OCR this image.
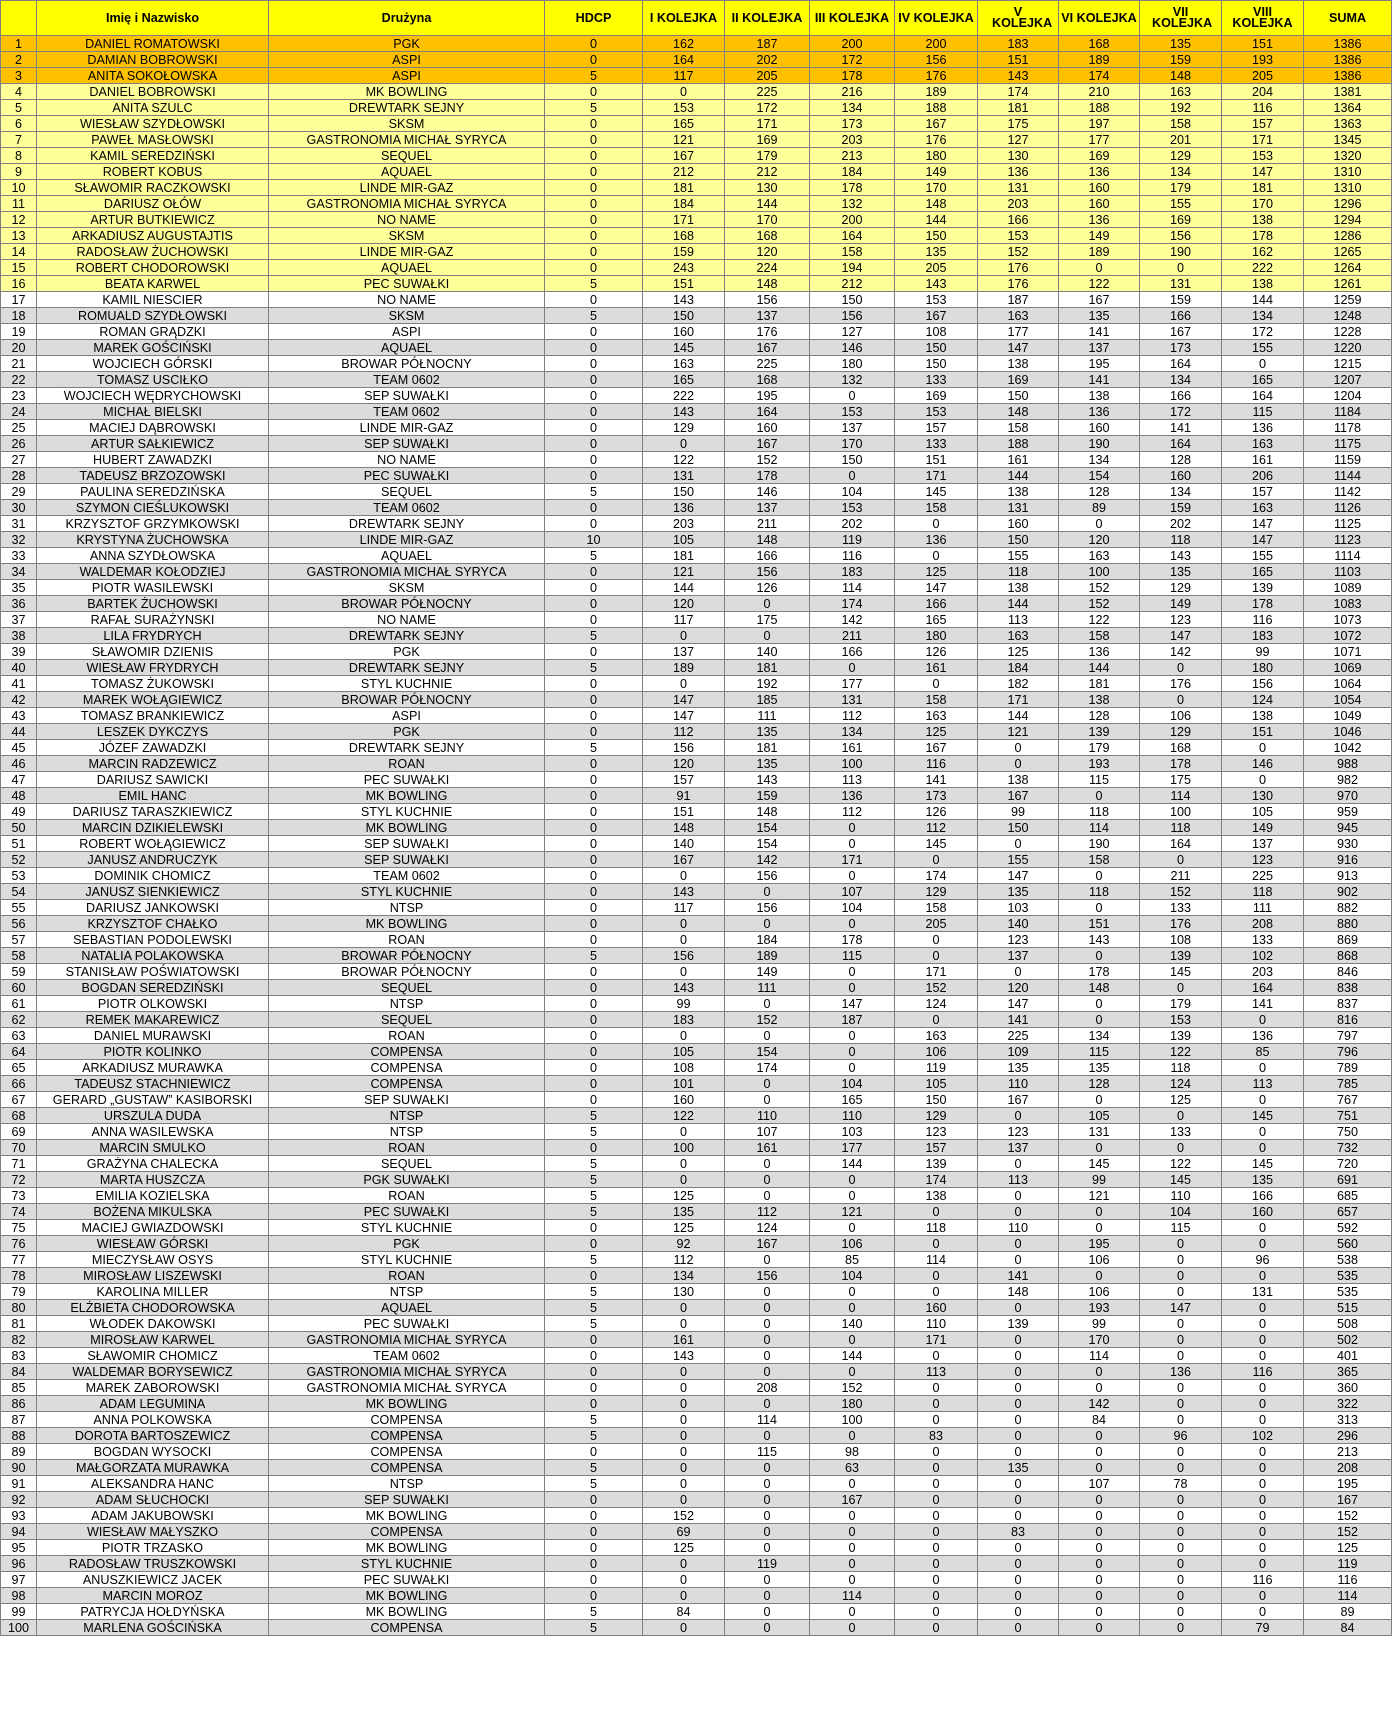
	Imię i Nazwisko	Drużyna	HDCP	I KOLEJKA	II KOLEJKA	III KOLEJKA	IV KOLEJKA	V KOLEJKA	VI KOLEJKA	VII KOLEJKA	VIII KOLEJKA	SUMA
1	DANIEL ROMATOWSKI	PGK	0	162	187	200	200	183	168	135	151	1386
2	DAMIAN BOBROWSKI	ASPI	0	164	202	172	156	151	189	159	193	1386
3	ANITA SOKOŁOWSKA	ASPI	5	117	205	178	176	143	174	148	205	1386
4	DANIEL BOBROWSKI	MK BOWLING	0	0	225	216	189	174	210	163	204	1381
5	ANITA SZULC	DREWTARK SEJNY	5	153	172	134	188	181	188	192	116	1364
6	WIESŁAW SZYDŁOWSKI	SKSM	0	165	171	173	167	175	197	158	157	1363
7	PAWEŁ MASŁOWSKI	GASTRONOMIA MICHAŁ SYRYCA	0	121	169	203	176	127	177	201	171	1345
8	KAMIL SEREDZIŃSKI	SEQUEL	0	167	179	213	180	130	169	129	153	1320
9	ROBERT KOBUS	AQUAEL	0	212	212	184	149	136	136	134	147	1310
10	SŁAWOMIR RACZKOWSKI	LINDE MIR-GAZ	0	181	130	178	170	131	160	179	181	1310
11	DARIUSZ OŁÓW	GASTRONOMIA MICHAŁ SYRYCA	0	184	144	132	148	203	160	155	170	1296
12	ARTUR BUTKIEWICZ	NO NAME	0	171	170	200	144	166	136	169	138	1294
13	ARKADIUSZ AUGUSTAJTIS	SKSM	0	168	168	164	150	153	149	156	178	1286
14	RADOSŁAW ŻUCHOWSKI	LINDE MIR-GAZ	0	159	120	158	135	152	189	190	162	1265
15	ROBERT CHODOROWSKI	AQUAEL	0	243	224	194	205	176	0	0	222	1264
16	BEATA KARWEL	PEC SUWAŁKI	5	151	148	212	143	176	122	131	138	1261
17	KAMIL NIESCIER	NO NAME	0	143	156	150	153	187	167	159	144	1259
18	ROMUALD SZYDŁOWSKI	SKSM	5	150	137	156	167	163	135	166	134	1248
19	ROMAN GRĄDZKI	ASPI	0	160	176	127	108	177	141	167	172	1228
20	MAREK GOŚCIŃSKI	AQUAEL	0	145	167	146	150	147	137	173	155	1220
21	WOJCIECH GÓRSKI	BROWAR PÓŁNOCNY	0	163	225	180	150	138	195	164	0	1215
22	TOMASZ USCIŁKO	TEAM 0602	0	165	168	132	133	169	141	134	165	1207
23	WOJCIECH WĘDRYCHOWSKI	SEP SUWAŁKI	0	222	195	0	169	150	138	166	164	1204
24	MICHAŁ BIELSKI	TEAM 0602	0	143	164	153	153	148	136	172	115	1184
25	MACIEJ DĄBROWSKI	LINDE MIR-GAZ	0	129	160	137	157	158	160	141	136	1178
26	ARTUR SAŁKIEWICZ	SEP SUWAŁKI	0	0	167	170	133	188	190	164	163	1175
27	HUBERT ZAWADZKI	NO NAME	0	122	152	150	151	161	134	128	161	1159
28	TADEUSZ BRZOZOWSKI	PEC SUWAŁKI	0	131	178	0	171	144	154	160	206	1144
29	PAULINA SEREDZIŃSKA	SEQUEL	5	150	146	104	145	138	128	134	157	1142
30	SZYMON CIEŚLUKOWSKI	TEAM 0602	0	136	137	153	158	131	89	159	163	1126
31	KRZYSZTOF GRZYMKOWSKI	DREWTARK SEJNY	0	203	211	202	0	160	0	202	147	1125
32	KRYSTYNA ŻUCHOWSKA	LINDE MIR-GAZ	10	105	148	119	136	150	120	118	147	1123
33	ANNA SZYDŁOWSKA	AQUAEL	5	181	166	116	0	155	163	143	155	1114
34	WALDEMAR KOŁODZIEJ	GASTRONOMIA MICHAŁ SYRYCA	0	121	156	183	125	118	100	135	165	1103
35	PIOTR WASILEWSKI	SKSM	0	144	126	114	147	138	152	129	139	1089
36	BARTEK ŻUCHOWSKI	BROWAR PÓŁNOCNY	0	120	0	174	166	144	152	149	178	1083
37	RAFAŁ SURAŻYNSKI	NO NAME	0	117	175	142	165	113	122	123	116	1073
38	LILA FRYDRYCH	DREWTARK SEJNY	5	0	0	211	180	163	158	147	183	1072
39	SŁAWOMIR DZIENIS	PGK	0	137	140	166	126	125	136	142	99	1071
40	WIESŁAW FRYDRYCH	DREWTARK SEJNY	5	189	181	0	161	184	144	0	180	1069
41	TOMASZ ŻUKOWSKI	STYL KUCHNIE	0	0	192	177	0	182	181	176	156	1064
42	MAREK WOŁĄGIEWICZ	BROWAR PÓŁNOCNY	0	147	185	131	158	171	138	0	124	1054
43	TOMASZ BRANKIEWICZ	ASPI	0	147	111	112	163	144	128	106	138	1049
44	LESZEK DYKCZYS	PGK	0	112	135	134	125	121	139	129	151	1046
45	JÓZEF ZAWADZKI	DREWTARK SEJNY	5	156	181	161	167	0	179	168	0	1042
46	MARCIN RADZEWICZ	ROAN	0	120	135	100	116	0	193	178	146	988
47	DARIUSZ SAWICKI	PEC SUWAŁKI	0	157	143	113	141	138	115	175	0	982
48	EMIL HANC	MK BOWLING	0	91	159	136	173	167	0	114	130	970
49	DARIUSZ TARASZKIEWICZ	STYL KUCHNIE	0	151	148	112	126	99	118	100	105	959
50	MARCIN DZIKIELEWSKI	MK BOWLING	0	148	154	0	112	150	114	118	149	945
51	ROBERT WOŁĄGIEWICZ	SEP SUWAŁKI	0	140	154	0	145	0	190	164	137	930
52	JANUSZ ANDRUCZYK	SEP SUWAŁKI	0	167	142	171	0	155	158	0	123	916
53	DOMINIK CHOMICZ	TEAM 0602	0	0	156	0	174	147	0	211	225	913
54	JANUSZ SIENKIEWICZ	STYL KUCHNIE	0	143	0	107	129	135	118	152	118	902
55	DARIUSZ JANKOWSKI	NTSP	0	117	156	104	158	103	0	133	111	882
56	KRZYSZTOF CHAŁKO	MK BOWLING	0	0	0	0	205	140	151	176	208	880
57	SEBASTIAN PODOLEWSKI	ROAN	0	0	184	178	0	123	143	108	133	869
58	NATALIA POLAKOWSKA	BROWAR PÓŁNOCNY	5	156	189	115	0	137	0	139	102	868
59	STANISŁAW POŚWIATOWSKI	BROWAR PÓŁNOCNY	0	0	149	0	171	0	178	145	203	846
60	BOGDAN SEREDZIŃSKI	SEQUEL	0	143	111	0	152	120	148	0	164	838
61	PIOTR OLKOWSKI	NTSP	0	99	0	147	124	147	0	179	141	837
62	REMEK MAKAREWICZ	SEQUEL	0	183	152	187	0	141	0	153	0	816
63	DANIEL MURAWSKI	ROAN	0	0	0	0	163	225	134	139	136	797
64	PIOTR KOLINKO	COMPENSA	0	105	154	0	106	109	115	122	85	796
65	ARKADIUSZ MURAWKA	COMPENSA	0	108	174	0	119	135	135	118	0	789
66	TADEUSZ STACHNIEWICZ	COMPENSA	0	101	0	104	105	110	128	124	113	785
67	GERARD „GUSTAW” KASIBORSKI	SEP SUWAŁKI	0	160	0	165	150	167	0	125	0	767
68	URSZULA DUDA	NTSP	5	122	110	110	129	0	105	0	145	751
69	ANNA WASILEWSKA	NTSP	5	0	107	103	123	123	131	133	0	750
70	MARCIN SMULKO	ROAN	0	100	161	177	157	137	0	0	0	732
71	GRAŻYNA CHALECKA	SEQUEL	5	0	0	144	139	0	145	122	145	720
72	MARTA HUSZCZA	PGK SUWAŁKI	5	0	0	0	174	113	99	145	135	691
73	EMILIA KOZIELSKA	ROAN	5	125	0	0	138	0	121	110	166	685
74	BOŻENA MIKULSKA	PEC SUWAŁKI	5	135	112	121	0	0	0	104	160	657
75	MACIEJ GWIAZDOWSKI	STYL KUCHNIE	0	125	124	0	118	110	0	115	0	592
76	WIESŁAW GÓRSKI	PGK	0	92	167	106	0	0	195	0	0	560
77	MIECZYSŁAW OSYS	STYL KUCHNIE	5	112	0	85	114	0	106	0	96	538
78	MIROSŁAW LISZEWSKI	ROAN	0	134	156	104	0	141	0	0	0	535
79	KAROLINA MILLER	NTSP	5	130	0	0	0	148	106	0	131	535
80	ELŻBIETA CHODOROWSKA	AQUAEL	5	0	0	0	160	0	193	147	0	515
81	WŁODEK DAKOWSKI	PEC SUWAŁKI	5	0	0	140	110	139	99	0	0	508
82	MIROSŁAW KARWEL	GASTRONOMIA MICHAŁ SYRYCA	0	161	0	0	171	0	170	0	0	502
83	SŁAWOMIR CHOMICZ	TEAM 0602	0	143	0	144	0	0	114	0	0	401
84	WALDEMAR BORYSEWICZ	GASTRONOMIA MICHAŁ SYRYCA	0	0	0	0	113	0	0	136	116	365
85	MAREK ZABOROWSKI	GASTRONOMIA MICHAŁ SYRYCA	0	0	208	152	0	0	0	0	0	360
86	ADAM LEGUMINA	MK BOWLING	0	0	0	180	0	0	142	0	0	322
87	ANNA POLKOWSKA	COMPENSA	5	0	114	100	0	0	84	0	0	313
88	DOROTA BARTOSZEWICZ	COMPENSA	5	0	0	0	83	0	0	96	102	296
89	BOGDAN WYSOCKI	COMPENSA	0	0	115	98	0	0	0	0	0	213
90	MAŁGORZATA MURAWKA	COMPENSA	5	0	0	63	0	135	0	0	0	208
91	ALEKSANDRA HANC	NTSP	5	0	0	0	0	0	107	78	0	195
92	ADAM SŁUCHOCKI	SEP SUWAŁKI	0	0	0	167	0	0	0	0	0	167
93	ADAM JAKUBOWSKI	MK BOWLING	0	152	0	0	0	0	0	0	0	152
94	WIESŁAW MAŁYSZKO	COMPENSA	0	69	0	0	0	83	0	0	0	152
95	PIOTR TRZASKO	MK BOWLING	0	125	0	0	0	0	0	0	0	125
96	RADOSŁAW TRUSZKOWSKI	STYL KUCHNIE	0	0	119	0	0	0	0	0	0	119
97	ANUSZKIEWICZ JACEK	PEC SUWAŁKI	0	0	0	0	0	0	0	0	116	116
98	MARCIN MOROZ	MK BOWLING	0	0	0	114	0	0	0	0	0	114
99	PATRYCJA HOŁDYŃSKA	MK BOWLING	5	84	0	0	0	0	0	0	0	89
100	MARLENA GOŚCIŃSKA	COMPENSA	5	0	0	0	0	0	0	0	79	84
